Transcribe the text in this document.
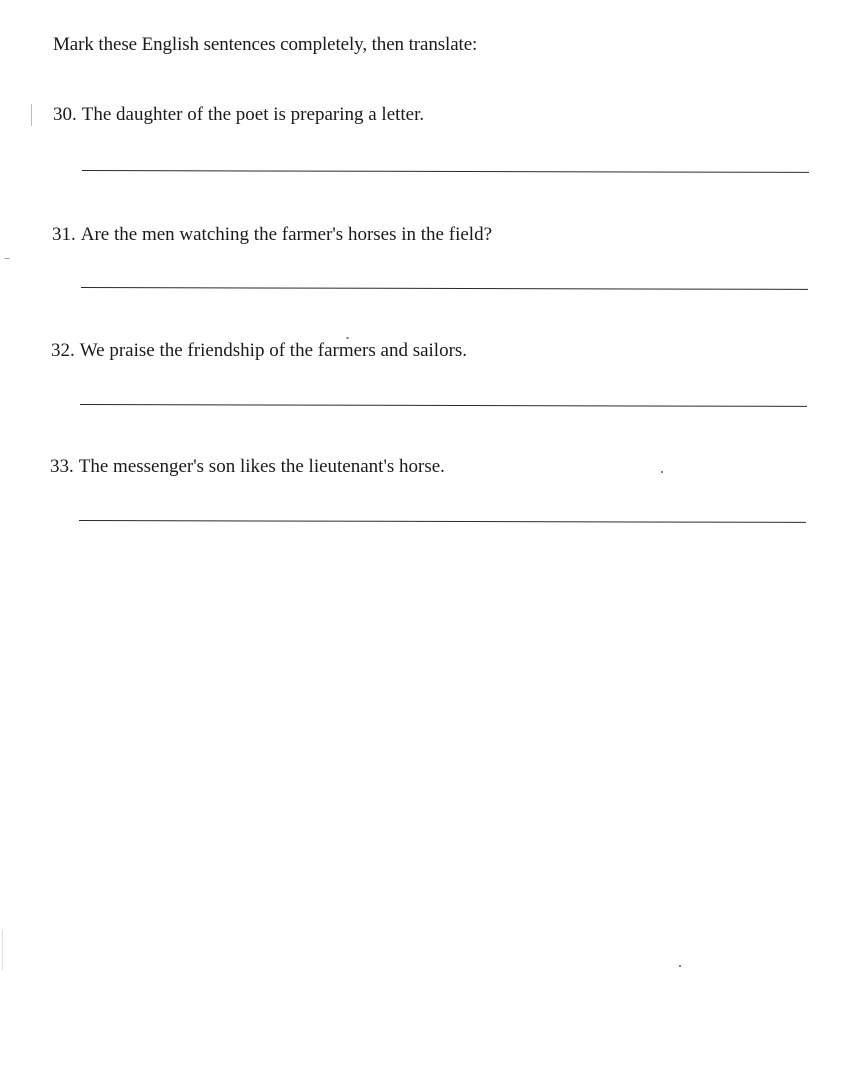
Mark these English sentences completely, then translate:
30. The daughter of the poet is preparing a letter.
31. Are the men watching the farmer's horses in the field?
32. We praise the friendship of the farmers and sailors.
33. The messenger's son likes the lieutenant's horse.
